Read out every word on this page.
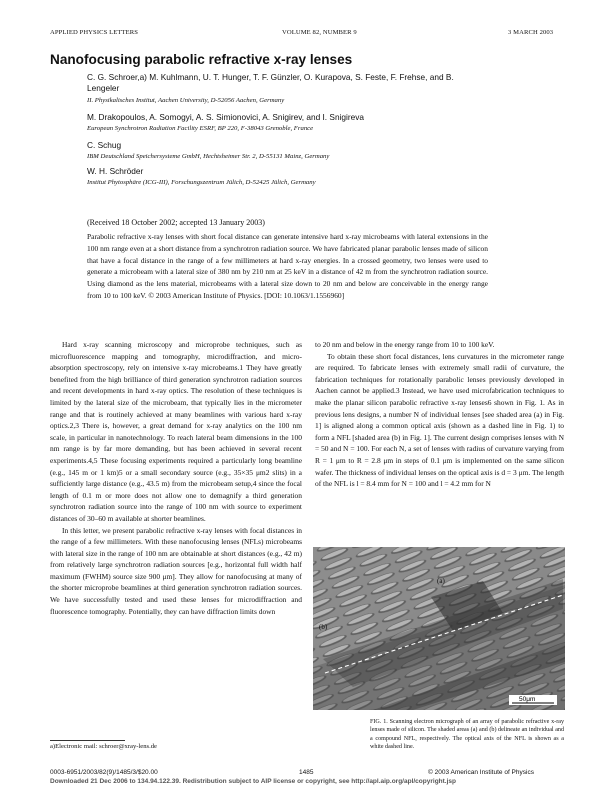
APPLIED PHYSICS LETTERS	VOLUME 82, NUMBER 9	3 MARCH 2003
Nanofocusing parabolic refractive x-ray lenses
C. G. Schroer,a) M. Kuhlmann, U. T. Hunger, T. F. Günzler, O. Kurapova, S. Feste, F. Frehse, and B. Lengeler
II. Physikalisches Institut, Aachen University, D-52056 Aachen, Germany
M. Drakopoulos, A. Somogyi, A. S. Simionovici, A. Snigirev, and I. Snigireva
European Synchrotron Radiation Facility ESRF, BP 220, F-38043 Grenoble, France
C. Schug
IBM Deutschland Speichersysteme GmbH, Hechtsheimer Str. 2, D-55131 Mainz, Germany
W. H. Schröder
Institut Phytosphäre (ICG-III), Forschungszentrum Jülich, D-52425 Jülich, Germany
(Received 18 October 2002; accepted 13 January 2003)
Parabolic refractive x-ray lenses with short focal distance can generate intensive hard x-ray microbeams with lateral extensions in the 100 nm range even at a short distance from a synchrotron radiation source. We have fabricated planar parabolic lenses made of silicon that have a focal distance in the range of a few millimeters at hard x-ray energies. In a crossed geometry, two lenses were used to generate a microbeam with a lateral size of 380 nm by 210 nm at 25 keV in a distance of 42 m from the synchrotron radiation source. Using diamond as the lens material, microbeams with a lateral size down to 20 nm and below are conceivable in the energy range from 10 to 100 keV. © 2003 American Institute of Physics. [DOI: 10.1063/1.1556960]

Hard x-ray scanning microscopy and microprobe techniques, such as microfluorescence mapping and tomography, microdiffraction, and micro-absorption spectroscopy, rely on intensive x-ray microbeams.1 They have greatly benefited from the high brilliance of third generation synchrotron radiation sources and recent developments in hard x-ray optics. The resolution of these techniques is limited by the lateral size of the microbeam, that typically lies in the micrometer range and that is routinely achieved at many beamlines with various hard x-ray optics.2,3 There is, however, a great demand for x-ray analytics on the 100 nm scale, in particular in nanotechnology. To reach lateral beam dimensions in the 100 nm range is by far more demanding, but has been achieved in several recent experiments.4,5 These focusing experiments required a particularly long beamline (e.g., 145 m or 1 km)5 or a small secondary source (e.g., 35×35 μm2 slits) in a sufficiently large distance (e.g., 43.5 m) from the microbeam setup,4 since the focal length of 0.1 m or more does not allow one to demagnify a third generation synchrotron radiation source into the range of 100 nm with source to experiment distances of 30–60 m available at shorter beamlines.

In this letter, we present parabolic refractive x-ray lenses with focal distances in the range of a few millimeters. With these nanofocusing lenses (NFLs) microbeams with lateral size in the range of 100 nm are obtainable at short distances (e.g., 42 m) from relatively large synchrotron radiation sources [e.g., horizontal full width half maximum (FWHM) source size 900 μm]. They allow for nanofocusing at many of the shorter microprobe beamlines at third generation synchrotron radiation sources. We have successfully tested and used these lenses for microdiffraction and fluorescence tomography. Potentially, they can have diffraction limits down

to 20 nm and below in the energy range from 10 to 100 keV.

To obtain these short focal distances, lens curvatures in the micrometer range are required. To fabricate lenses with extremely small radii of curvature, the fabrication techniques for rotationally parabolic lenses previously developed in Aachen cannot be applied.3 Instead, we have used microfabrication techniques to make the planar silicon parabolic refractive x-ray lenses6 shown in Fig. 1. As in previous lens designs, a number N of individual lenses [see shaded area (a) in Fig. 1] is aligned along a common optical axis (shown as a dashed line in Fig. 1) to form a NFL [shaded area (b) in Fig. 1]. The current design comprises lenses with N = 50 and N = 100. For each N, a set of lenses with radius of curvature varying from R = 1 μm to R = 2.8 μm in steps of 0.1 μm is implemented on the same silicon wafer. The thickness of individual lenses on the optical axis is d = 3 μm. The length of the NFL is l = 8.4 mm for N = 100 and l = 4.2 mm for N

(a)
(b)
50μm
FIG. 1. Scanning electron micrograph of an array of parabolic refractive x-ray lenses made of silicon. The shaded areas (a) and (b) delineate an individual and a compound NFL, respectively. The optical axis of the NFL is shown as a white dashed line.
a)Electronic mail: schroer@xray-lens.de
0003-6951/2003/82(9)/1485/3/$20.00	1485	© 2003 American Institute of Physics
Downloaded 21 Dec 2006 to 134.94.122.39. Redistribution subject to AIP license or copyright, see http://apl.aip.org/apl/copyright.jsp
